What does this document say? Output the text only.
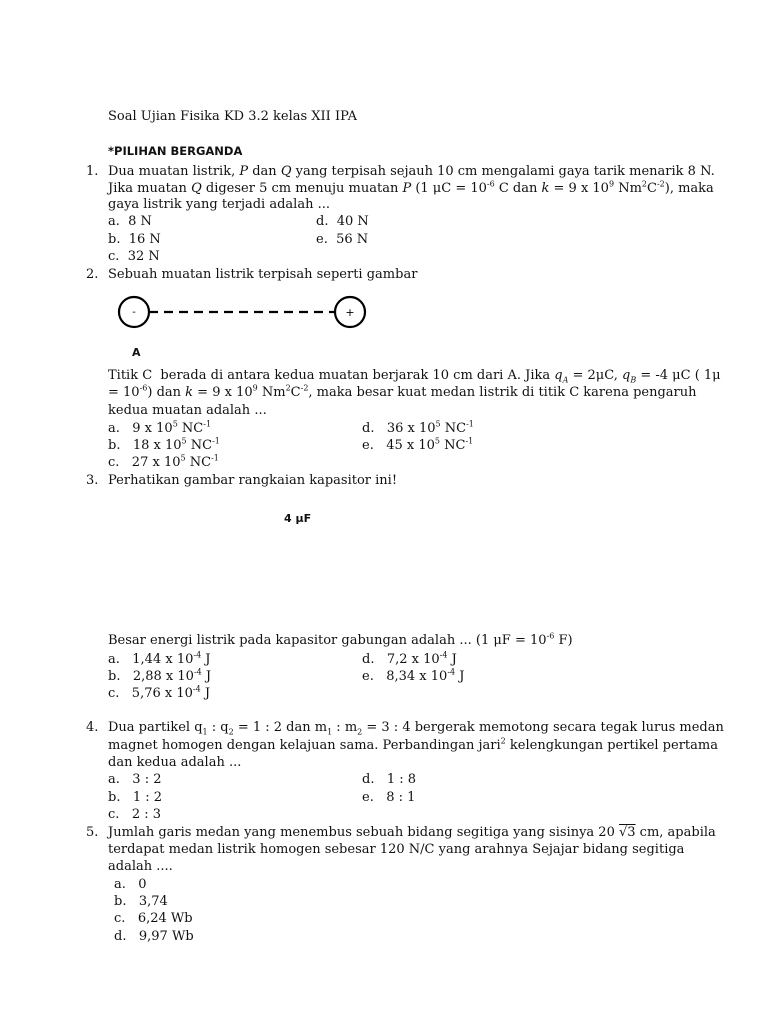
Soal Ujian Fisika KD 3.2 kelas XII IPA
*PILIHAN BERGANDA
1. Dua muatan listrik, P dan Q yang terpisah sejauh 10 cm mengalami gaya tarik menarik 8 N.
Jika muatan Q digeser 5 cm menuju muatan P (1 $\mu C = 10^{-6}$ C dan k = 9 x $10^9$ $Nm^2C^{-2}$), maka
gaya listrik yang terjadi adalah ...
a. 8 N
b. 16 N
c. 32 N
d. 40 N
e. 56 N
2. Sebuah muatan listrik terpisah seperti gambar
-	+
A
Titik C  berada di antara kedua muatan berjarak 10 cm dari A. Jika $q_A = 2\mu C$, $q_B = -4$ μC ( 1μ
= $10^{-6}$) dan k = 9 x $10^9$ $Nm^2C^{-2}$, maka besar kuat medan listrik di titik C karena pengaruh
kedua muatan adalah ...
a.   9 x $10^5$ $NC^{-1}$
b.   18 x $10^5$ $NC^{-1}$
c.   27 x $10^5$ $NC^{-1}$
d.   36 x $10^5$ $NC^{-1}$
e.   45 x $10^5$ $NC^{-1}$
3. Perhatikan gambar rangkaian kapasitor ini!
4 μF
Besar energi listrik pada kapasitor gabungan adalah ... (1 $\mu F = 10^{-6}$ F)
a.   1,44 x $10^{-4}$ J
b.   2,88 x $10^{-4}$ J
c.   5,76 x $10^{-4}$ J
d.   7,2 x $10^{-4}$ J
e.   8,34 x $10^{-4}$ J
4. Dua partikel $q_1$ : $q_2 = 1$ : 2 dan $m_1$ : $m_2 = 3$ : 4 bergerak memotong secara tegak lurus medan
magnet homogen dengan kelajuan sama. Perbandingan jari$^2$ kelengkungan pertikel pertama
dan kedua adalah ...
a. 3 : 2
b. 1 : 2
c. 2 : 3
d. 1 : 8
e. 8 : 1
5. Jumlah garis medan yang menembus sebuah bidang segitiga yang sisinya 20 √3 cm, apabila
terdapat medan listrik homogen sebesar 120 N/C yang arahnya Sejajar bidang segitiga
adalah ....
a. 0
b. 3,74
c. 6,24 Wb
d. 9,97 Wb
